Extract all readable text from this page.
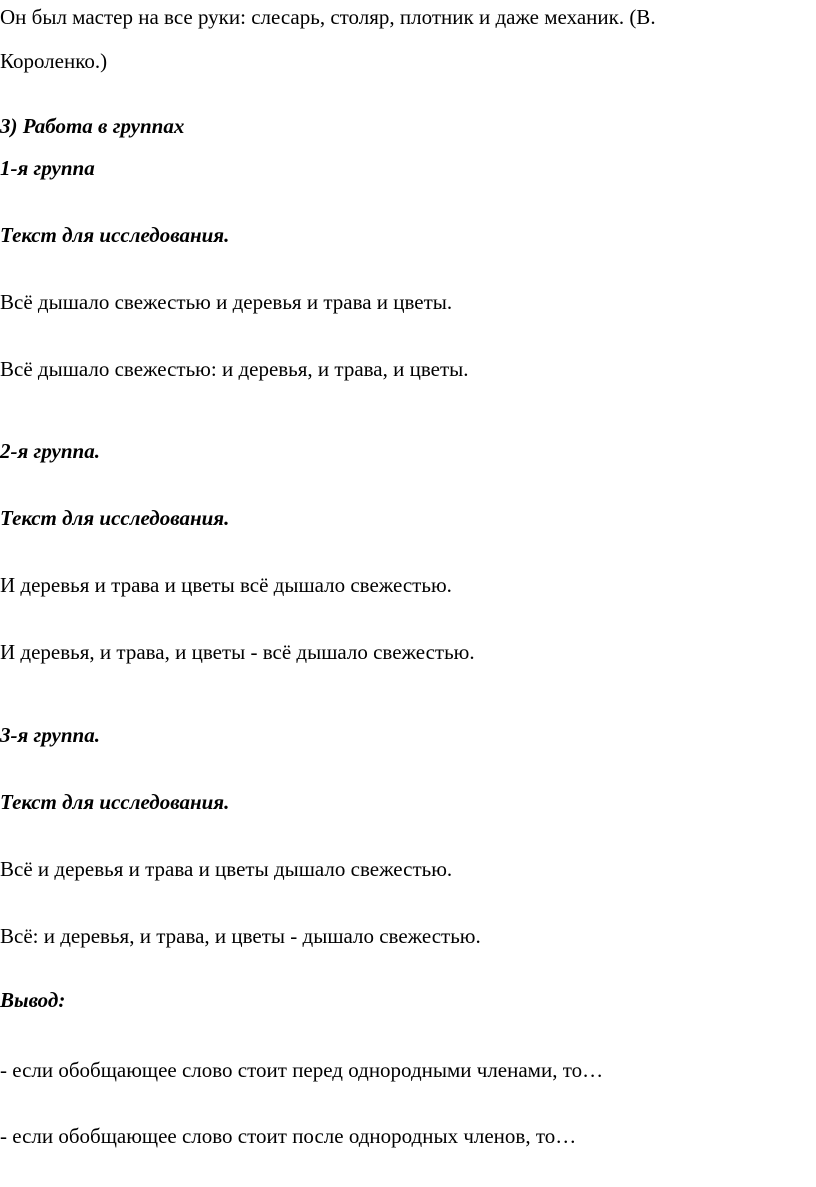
Он был мастер на все руки: слесарь, столяр, плотник и даже механик. (В.
Короленко.)
3) Работа в группах
1-я группа
Текст для исследования.
Всё дышало свежестью и деревья и трава и цветы.
Всё дышало свежестью: и деревья, и трава, и цветы.
2-я группа.
Текст для исследования.
И деревья и трава и цветы всё дышало свежестью.
И деревья, и трава, и цветы - всё дышало свежестью.
3-я группа.
Текст для исследования.
Всё и деревья и трава и цветы дышало свежестью.
Всё: и деревья, и трава, и цветы - дышало свежестью.
Вывод:
- если обобщающее слово стоит перед однородными членами, то…
- если обобщающее слово стоит после однородных членов, то…
